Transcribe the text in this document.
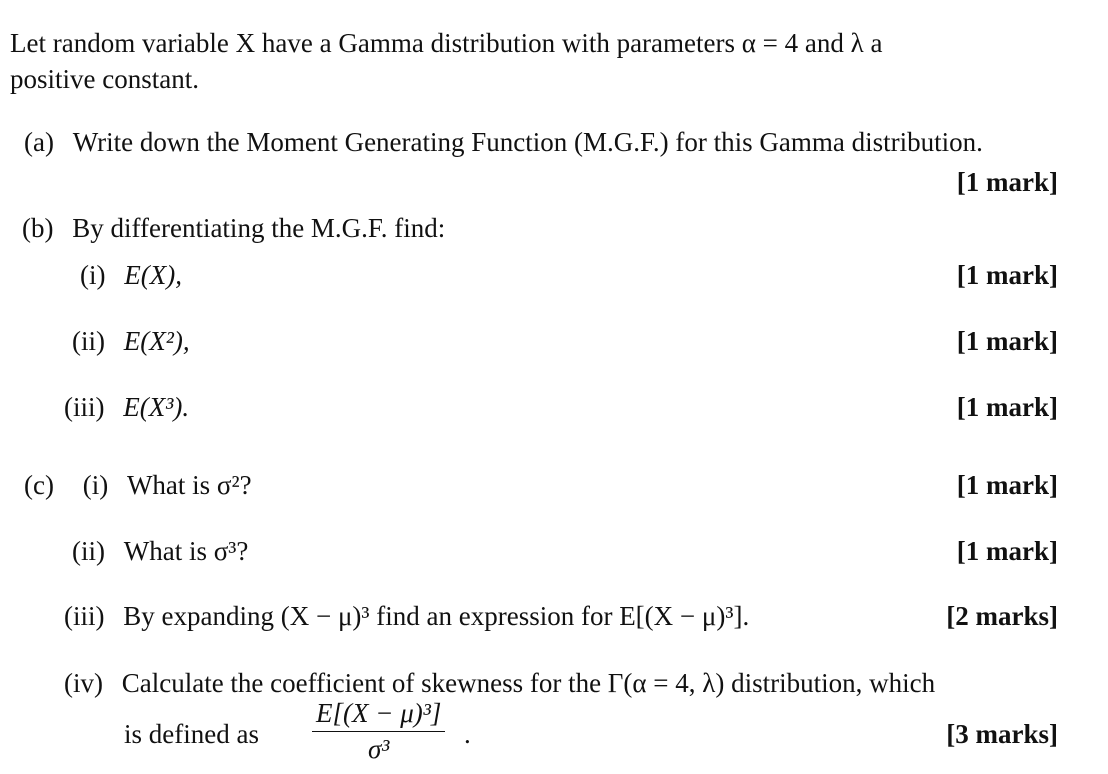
Let random variable X have a Gamma distribution with parameters α = 4 and λ a
positive constant.
(a) Write down the Moment Generating Function (M.G.F.) for this Gamma distribution.
[1 mark]
(b) By differentiating the M.G.F. find:
(i) E(X),	[1 mark]
(ii) E(X²),	[1 mark]
(iii) E(X³).	[1 mark]
(c) (i) What is σ²?	[1 mark]
(ii) What is σ³?	[1 mark]
(iii) By expanding (X − μ)³ find an expression for E[(X − μ)³].	[2 marks]
(iv) Calculate the coefficient of skewness for the Γ(α = 4, λ) distribution, which
is defined as
E[(X − μ)³]
σ³	.	[3 marks]
